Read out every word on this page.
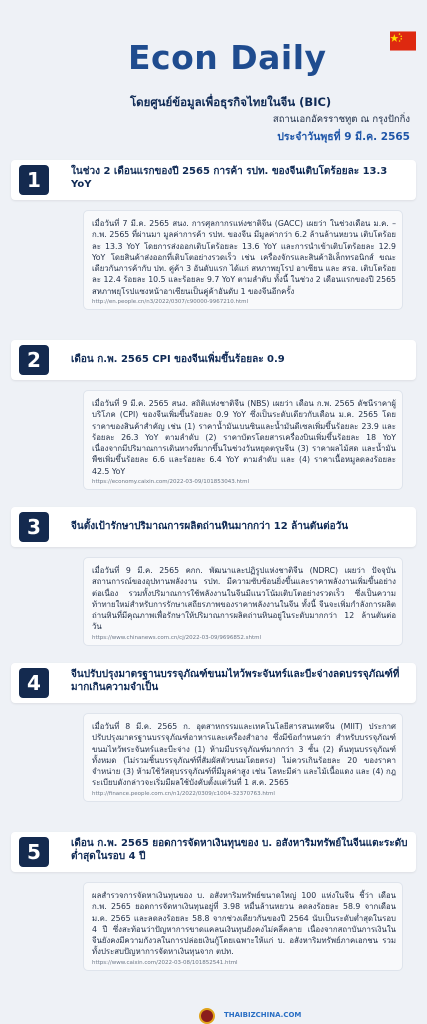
Econ Daily
โดยศูนย์ข้อมูลเพื่อธุรกิจไทยในจีน (BIC)
สถานเอกอัครราชทูต ณ กรุงปักกิ่ง
ประจำวันพุธที่ 9 มี.ค. 2565
1	ในช่วง 2 เดือนแรกของปี 2565 การค้า รปท. ของจีนเติบโตร้อยละ 13.3 YoY
เมื่อวันที่ 7 มี.ค. 2565 สนง. การศุลกากรแห่งชาติจีน (GACC) เผยว่า ในช่วงเดือน ม.ค. – ก.พ. 2565 ที่ผ่านมา มูลค่าการค้า รปท. ของจีน มีมูลค่ากว่า 6.2 ล้านล้านหยวน เติบโตร้อยละ 13.3 YoY โดยการส่งออกเติบโตร้อยละ 13.6 YoY และการนำเข้าเติบโตร้อยละ 12.9 YoY โดยสินค้าส่งออกที่เติบโตอย่างรวดเร็ว เช่น เครื่องจักรและสินค้าอิเล็กทรอนิกส์ ขณะเดียวกันการค้ากับ ปท. คู่ค้า 3 อันดับแรก ได้แก่ สหภาพยุโรป อาเซียน และ สรอ. เติบโตร้อยละ 12.4 ร้อยละ 10.5 และร้อยละ 9.7 YoY ตามลำดับ ทั้งนี้ ในช่วง 2 เดือนแรกของปี 2565 สหภาพยุโรปแซงหน้าอาเซียนเป็นคู่ค้าอันดับ 1 ของจีนอีกครั้ง
http://en.people.cn/n3/2022/0307/c90000-9967210.html
2	เดือน ก.พ. 2565 CPI ของจีนเพิ่มขึ้นร้อยละ 0.9
เมื่อวันที่ 9 มี.ค. 2565 สนง. สถิติแห่งชาติจีน (NBS) เผยว่า เดือน ก.พ. 2565 ดัชนีราคาผู้บริโภค (CPI) ของจีนเพิ่มขึ้นร้อยละ 0.9 YoY ซึ่งเป็นระดับเดียวกับเดือน ม.ค. 2565 โดยราคาของสินค้าสำคัญ เช่น (1) ราคาน้ำมันเบนซินและน้ำมันดีเซลเพิ่มขึ้นร้อยละ 23.9 และร้อยละ 26.3 YoY ตามลำดับ (2) ราคาบัตรโดยสารเครื่องบินเพิ่มขึ้นร้อยละ 18 YoY เนื่องจากมีปริมาณการเดินทางที่มากขึ้นในช่วงวันหยุดตรุษจีน (3) ราคาผลไม้สด และน้ำมันพืชเพิ่มขึ้นร้อยละ 6.6 และร้อยละ 6.4 YoY ตามลำดับ และ (4) ราคาเนื้อหมูลดลงร้อยละ 42.5 YoY
https://economy.caixin.com/2022-03-09/101853043.html
3	จีนตั้งเป้ารักษาปริมาณการผลิตถ่านหินมากกว่า 12 ล้านตันต่อวัน
เมื่อวันที่ 9 มี.ค. 2565 คกก. พัฒนาและปฏิรูปแห่งชาติจีน (NDRC) เผยว่า ปัจจุบันสถานการณ์ของอุปทานพลังงาน รปท. มีความซับซ้อนยิ่งขึ้นและราคาพลังงานเพิ่มขึ้นอย่างต่อเนื่อง รวมทั้งปริมาณการใช้พลังงานในจีนมีแนวโน้มเติบโตอย่างรวดเร็ว ซึ่งเป็นความท้าทายใหม่สำหรับการรักษาเสถียรภาพของราคาพลังงานในจีน ทั้งนี้ จีนจะเพิ่มกำลังการผลิตถ่านหินที่มีคุณภาพเพื่อรักษาให้ปริมาณการผลิตถ่านหินอยู่ในระดับมากกว่า 12 ล้านตันต่อวัน
https://www.chinanews.com.cn/cj/2022-03-09/9696852.shtml
4	จีนปรับปรุงมาตรฐานบรรจุภัณฑ์ขนมไหว้พระจันทร์และบีะจ่างลดบรรจุภัณฑ์ที่มากเกินความจำเป็น
เมื่อวันที่ 8 มี.ค. 2565 ก. อุตสาหกรรมและเทคโนโลยีสารสนเทศจีน (MIIT) ประกาศปรับปรุงมาตรฐานบรรจุภัณฑ์อาหารและเครื่องสำอาง ซึ่งมีข้อกำหนดว่า สำหรับบรรจุภัณฑ์ขนมไหว้พระจันทร์และบีะจ่าง (1) ห้ามมีบรรจุภัณฑ์มากกว่า 3 ชั้น (2) ต้นทุนบรรจุภัณฑ์ทั้งหมด (ไม่รวมชิ้นบรรจุภัณฑ์ที่สัมผัสตัวขนมโดยตรง) ไม่ควรเกินร้อยละ 20 ของราคาจำหน่าย (3) ห้ามใช้วัสดุบรรจุภัณฑ์ที่มีมูลค่าสูง เช่น โลหะมีค่า และไม้เนื้อแดง และ (4) กฎระเบียบดังกล่าวจะเริ่มมีผลใช้บังคับตั้งแต่วันที่ 1 ส.ค. 2565
http://finance.people.com.cn/n1/2022/0309/c1004-32370763.html
5	เดือน ก.พ. 2565 ยอดการจัดหาเงินทุนของ บ. อสังหาริมทรัพย์ในจีนแตะระดับต่ำสุดในรอบ 4 ปี
ผลสำรวจการจัดหาเงินทุนของ บ. อสังหาริมทรัพย์ขนาดใหญ่ 100 แห่งในจีน ชี้ว่า เดือน ก.พ. 2565 ยอดการจัดหาเงินทุนอยู่ที่ 3.98 หมื่นล้านหยวน ลดลงร้อยละ 58.9 จากเดือน ม.ค. 2565 และลดลงร้อยละ 58.8 จากช่วงเดียวกันของปี 2564 นับเป็นระดับต่ำสุดในรอบ 4 ปี ซึ่งสะท้อนว่าปัญหาการขาดแคลนเงินทุนยังคงไม่คลี่คลาย เนื่องจากสถาบันการเงินในจีนยังคงมีความกังวลในการปล่อยเงินกู้โดยเฉพาะให้แก่ บ. อสังหาริมทรัพย์ภาคเอกชน รวมทั้งประสบปัญหาการจัดหาเงินทุนจาก ตปท.
https://www.caixin.com/2022-03-08/101852541.html
THAIBIZCHINA.COM
